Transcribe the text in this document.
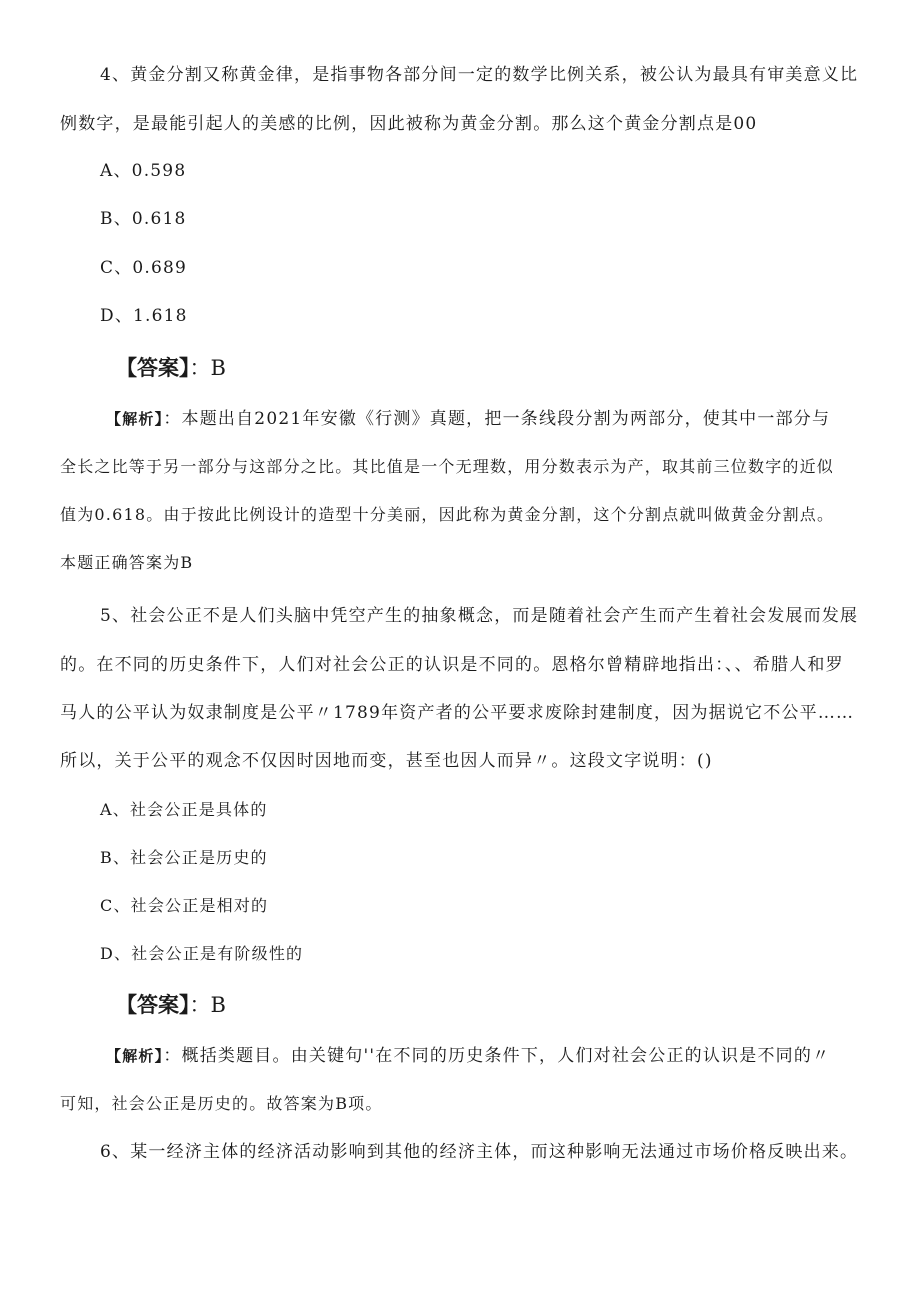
4、黄金分割又称黄金律，是指事物各部分间一定的数学比例关系，被公认为最具有审美意义比
例数字，是最能引起人的美感的比例，因此被称为黄金分割。那么这个黄金分割点是00
A、0.598
B、0.618
C、0.689
D、1.618
【答案】：B
【解析】：本题出自2021年安徽《行测》真题，把一条线段分割为两部分，使其中一部分与
全长之比等于另一部分与这部分之比。其比值是一个无理数，用分数表示为产，取其前三位数字的近似
值为0.618。由于按此比例设计的造型十分美丽，因此称为黄金分割，这个分割点就叫做黄金分割点。
本题正确答案为B
5、社会公正不是人们头脑中凭空产生的抽象概念，而是随着社会产生而产生着社会发展而发展
的。在不同的历史条件下，人们对社会公正的认识是不同的。恩格尔曾精辟地指出：、、希腊人和罗
马人的公平认为奴隶制度是公平〃1789年资产者的公平要求废除封建制度，因为据说它不公平……
所以，关于公平的观念不仅因时因地而变，甚至也因人而异〃。这段文字说明：()
A、社会公正是具体的
B、社会公正是历史的
C、社会公正是相对的
D、社会公正是有阶级性的
【答案】：B
【解析】：概括类题目。由关键句''在不同的历史条件下，人们对社会公正的认识是不同的〃
可知，社会公正是历史的。故答案为B项。
6、某一经济主体的经济活动影响到其他的经济主体，而这种影响无法通过市场价格反映出来。
